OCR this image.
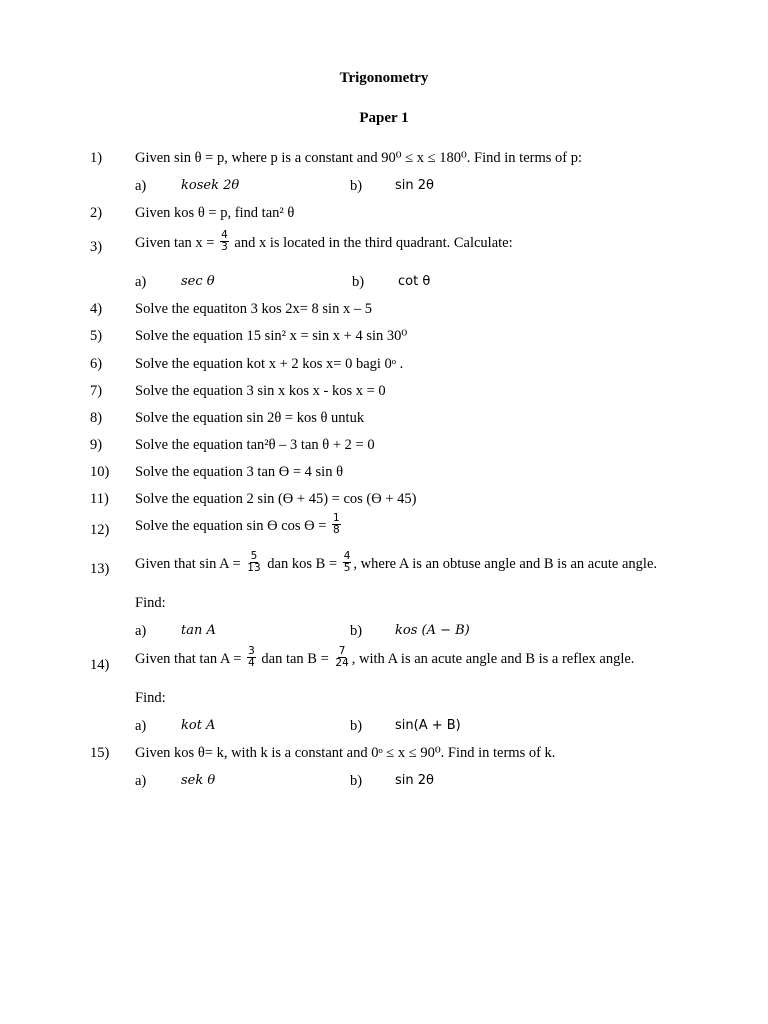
Trigonometry
Paper 1
1) Given sin θ = p, where p is a constant and 90⁰ ≤ x ≤ 180⁰. Find in terms of p:
a)	kosek 2θ	b)	sin 2θ
2) Given kos θ = p, find tan² θ
3) Given $\tan x = \frac{4}{3}$ and x is located in the third quadrant. Calculate:
a)	sec θ	b)	cot θ
4) Solve the equatiton 3 kos 2x= 8 sin x – 5
5) Solve the equation 15 sin² x = sin x + 4 sin 30⁰
6) Solve the equation kot x + 2 kos x= 0 bagi 0ᵒ .
7) Solve the equation 3 sin x kos x - kos x = 0
8) Solve the equation sin 2θ = kos θ untuk
9) Solve the equation tan²θ – 3 tan θ + 2 = 0
10) Solve the equation 3 tan ϴ = 4 sin θ
11) Solve the equation 2 sin (ϴ + 45) = cos (ϴ + 45)
12) Solve the equation sin ϴ $\cos ϴ = \frac{1}{8}$
13) Given that $\sin A = \frac{5}{13}$ dan kos $B = \frac{4}{5}$ , where A is an obtuse angle and B is an acute angle.
Find:
a)	tan A	b)	kos (A − B)
14) Given that $\tan A = \frac{3}{4}$ dan $\tan B = \frac{7}{24}$ , with A is an acute angle and B is a reflex angle.
Find:
a)	kot A	b)	sin(A + B)
15) Given kos θ= k, with k is a constant and 0ᵒ ≤ x ≤ 90⁰. Find in terms of k.
a)	sek θ	b)	sin 2θ
